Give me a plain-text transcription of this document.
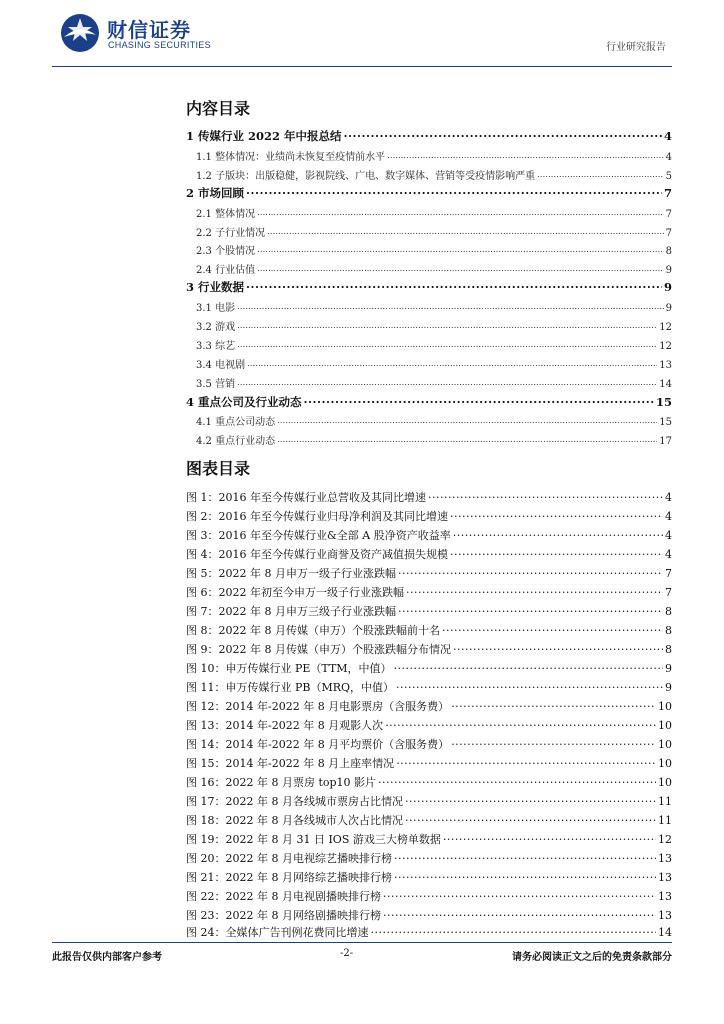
财信证券
CHASING SECURITIES	行业研究报告
内容目录
1 传媒行业 2022 年中报总结 .....	4
1.1 整体情况：业绩尚未恢复至疫情前水平 .....	4
1.2 子版块：出版稳健，影视院线、广电、数字媒体、营销等受疫情影响严重 .....	5
2 市场回顾 .....	7
2.1 整体情况 .....	7
2.2 子行业情况 .....	7
2.3 个股情况 .....	8
2.4 行业估值 .....	9
3 行业数据 .....	9
3.1 电影 .....	9
3.2 游戏 .....	12
3.3 综艺 .....	12
3.4 电视剧 .....	13
3.5 营销 .....	14
4 重点公司及行业动态 .....	15
4.1 重点公司动态 .....	15
4.2 重点行业动态 .....	17
图表目录
图 1：2016 年至今传媒行业总营收及其同比增速 .....	4
图 2：2016 年至今传媒行业归母净利润及其同比增速 .....	4
图 3：2016 年至今传媒行业&全部 A 股净资产收益率 .....	4
图 4：2016 年至今传媒行业商誉及资产减值损失规模 .....	4
图 5：2022 年 8 月申万一级子行业涨跌幅 .....	7
图 6：2022 年初至今申万一级子行业涨跌幅 .....	7
图 7：2022 年 8 月申万三级子行业涨跌幅 .....	8
图 8：2022 年 8 月传媒（申万）个股涨跌幅前十名 .....	8
图 9：2022 年 8 月传媒（申万）个股涨跌幅分布情况 .....	8
图 10：申万传媒行业 PE（TTM，中值） .....	9
图 11：申万传媒行业 PB（MRQ，中值） .....	9
图 12：2014 年-2022 年 8 月电影票房（含服务费） .....	10
图 13：2014 年-2022 年 8 月观影人次 .....	10
图 14：2014 年-2022 年 8 月平均票价（含服务费） .....	10
图 15：2014 年-2022 年 8 月上座率情况 .....	10
图 16：2022 年 8 月票房 top10 影片 .....	10
图 17：2022 年 8 月各线城市票房占比情况 .....	11
图 18：2022 年 8 月各线城市人次占比情况 .....	11
图 19：2022 年 8 月 31 日 IOS 游戏三大榜单数据 .....	12
图 20：2022 年 8 月电视综艺播映排行榜 .....	13
图 21：2022 年 8 月网络综艺播映排行榜 .....	13
图 22：2022 年 8 月电视剧播映排行榜 .....	13
图 23：2022 年 8 月网络剧播映排行榜 .....	13
图 24：全媒体广告刊例花费同比增速 .....	14
此报告仅供内部客户参考	-2-	请务必阅读正文之后的免责条款部分
